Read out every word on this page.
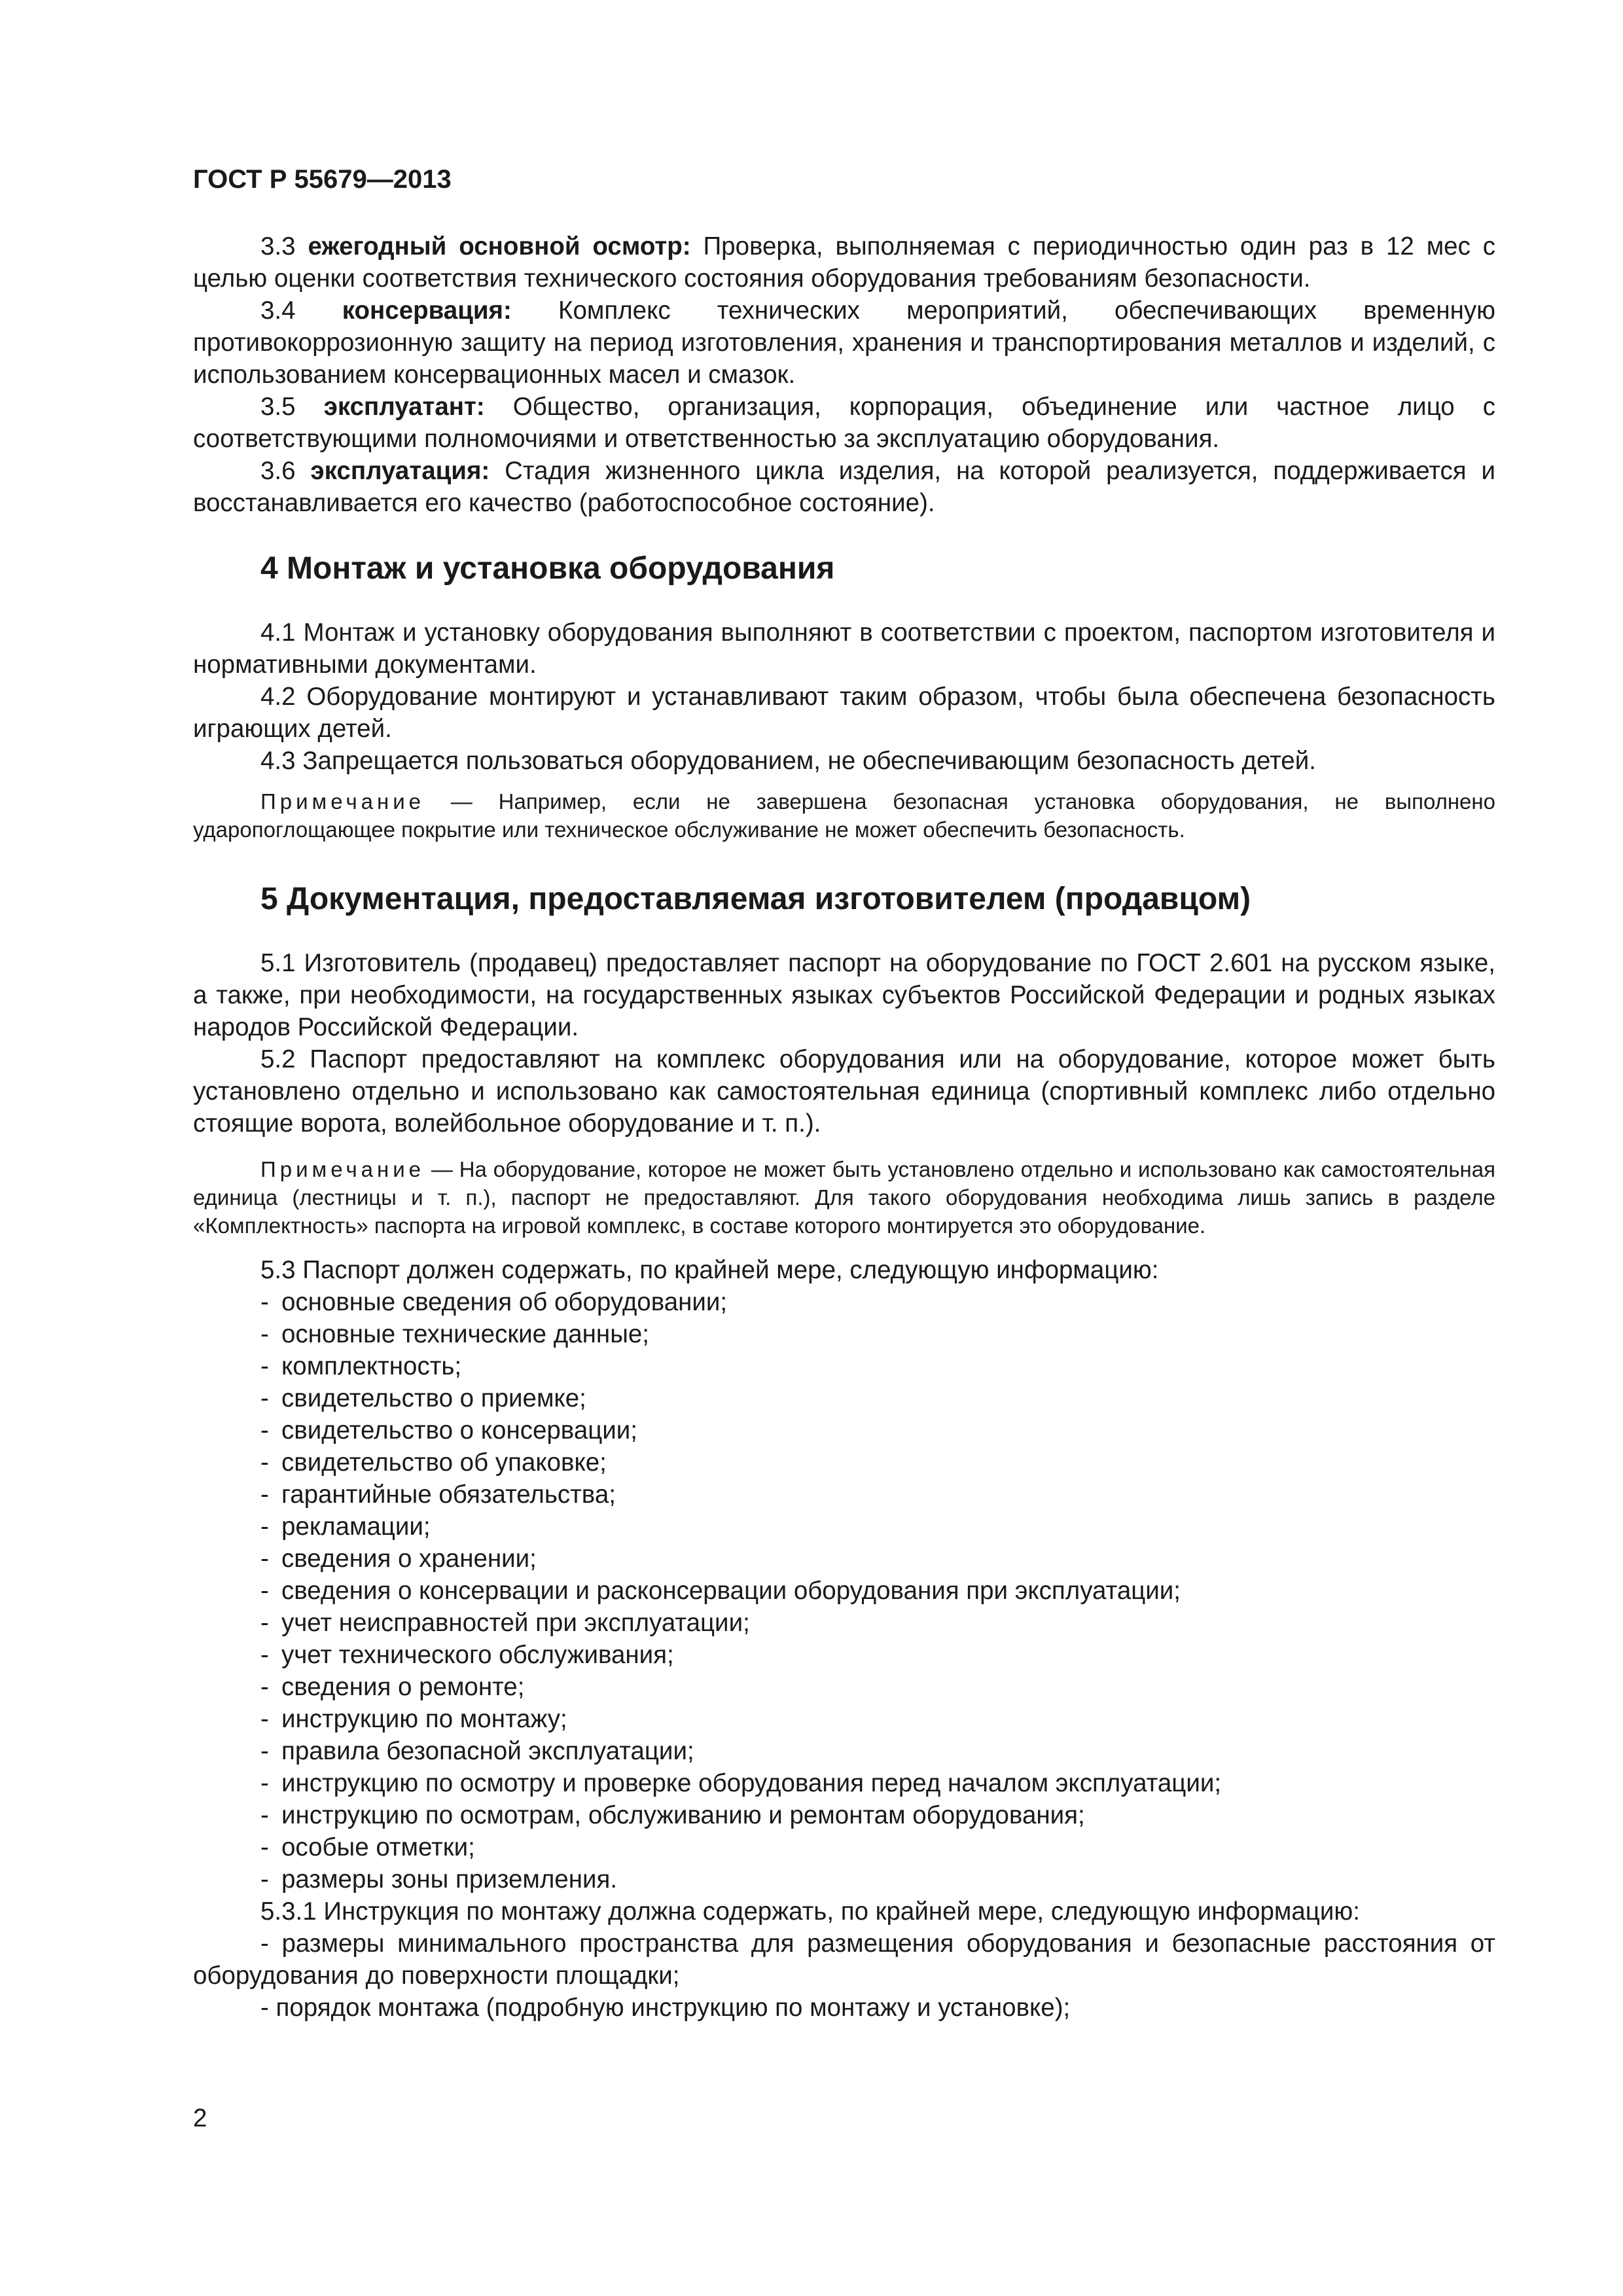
ГОСТ Р 55679—2013

3.3 ежегодный основной осмотр: Проверка, выполняемая с периодичностью один раз в 12 мес с целью оценки соответствия технического состояния оборудования требованиям безопасности.

3.4 консервация: Комплекс технических мероприятий, обеспечивающих временную противокоррозионную защиту на период изготовления, хранения и транспортирования металлов и изделий, с использованием консервационных масел и смазок.

3.5 эксплуатант: Общество, организация, корпорация, объединение или частное лицо с соответствующими полномочиями и ответственностью за эксплуатацию оборудования.

3.6 эксплуатация: Стадия жизненного цикла изделия, на которой реализуется, поддерживается и восстанавливается его качество (работоспособное состояние).

4 Монтаж и установка оборудования

4.1 Монтаж и установку оборудования выполняют в соответствии с проектом, паспортом изготовителя и нормативными документами.

4.2 Оборудование монтируют и устанавливают таким образом, чтобы была обеспечена безопасность играющих детей.

4.3 Запрещается пользоваться оборудованием, не обеспечивающим безопасность детей.

Примечание — Например, если не завершена безопасная установка оборудования, не выполнено ударопоглощающее покрытие или техническое обслуживание не может обеспечить безопасность.

5 Документация, предоставляемая изготовителем (продавцом)

5.1 Изготовитель (продавец) предоставляет паспорт на оборудование по ГОСТ 2.601 на русском языке, а также, при необходимости, на государственных языках субъектов Российской Федерации и родных языках народов Российской Федерации.

5.2 Паспорт предоставляют на комплекс оборудования или на оборудование, которое может быть установлено отдельно и использовано как самостоятельная единица (спортивный комплекс либо отдельно стоящие ворота, волейбольное оборудование и т. п.).

Примечание — На оборудование, которое не может быть установлено отдельно и использовано как самостоятельная единица (лестницы и т. п.), паспорт не предоставляют. Для такого оборудования необходима лишь запись в разделе «Комплектность» паспорта на игровой комплекс, в составе которого монтируется это оборудование.

5.3 Паспорт должен содержать, по крайней мере, следующую информацию:

- основные сведения об оборудовании;

- основные технические данные;

- комплектность;

- свидетельство о приемке;

- свидетельство о консервации;

- свидетельство об упаковке;

- гарантийные обязательства;

- рекламации;

- сведения о хранении;

- сведения о консервации и расконсервации оборудования при эксплуатации;

- учет неисправностей при эксплуатации;

- учет технического обслуживания;

- сведения о ремонте;

- инструкцию по монтажу;

- правила безопасной эксплуатации;

- инструкцию по осмотру и проверке оборудования перед началом эксплуатации;

- инструкцию по осмотрам, обслуживанию и ремонтам оборудования;

- особые отметки;

- размеры зоны приземления.

5.3.1 Инструкция по монтажу должна содержать, по крайней мере, следующую информацию:

- размеры минимального пространства для размещения оборудования и безопасные расстояния от оборудования до поверхности площадки;

- порядок монтажа (подробную инструкцию по монтажу и установке);

2
